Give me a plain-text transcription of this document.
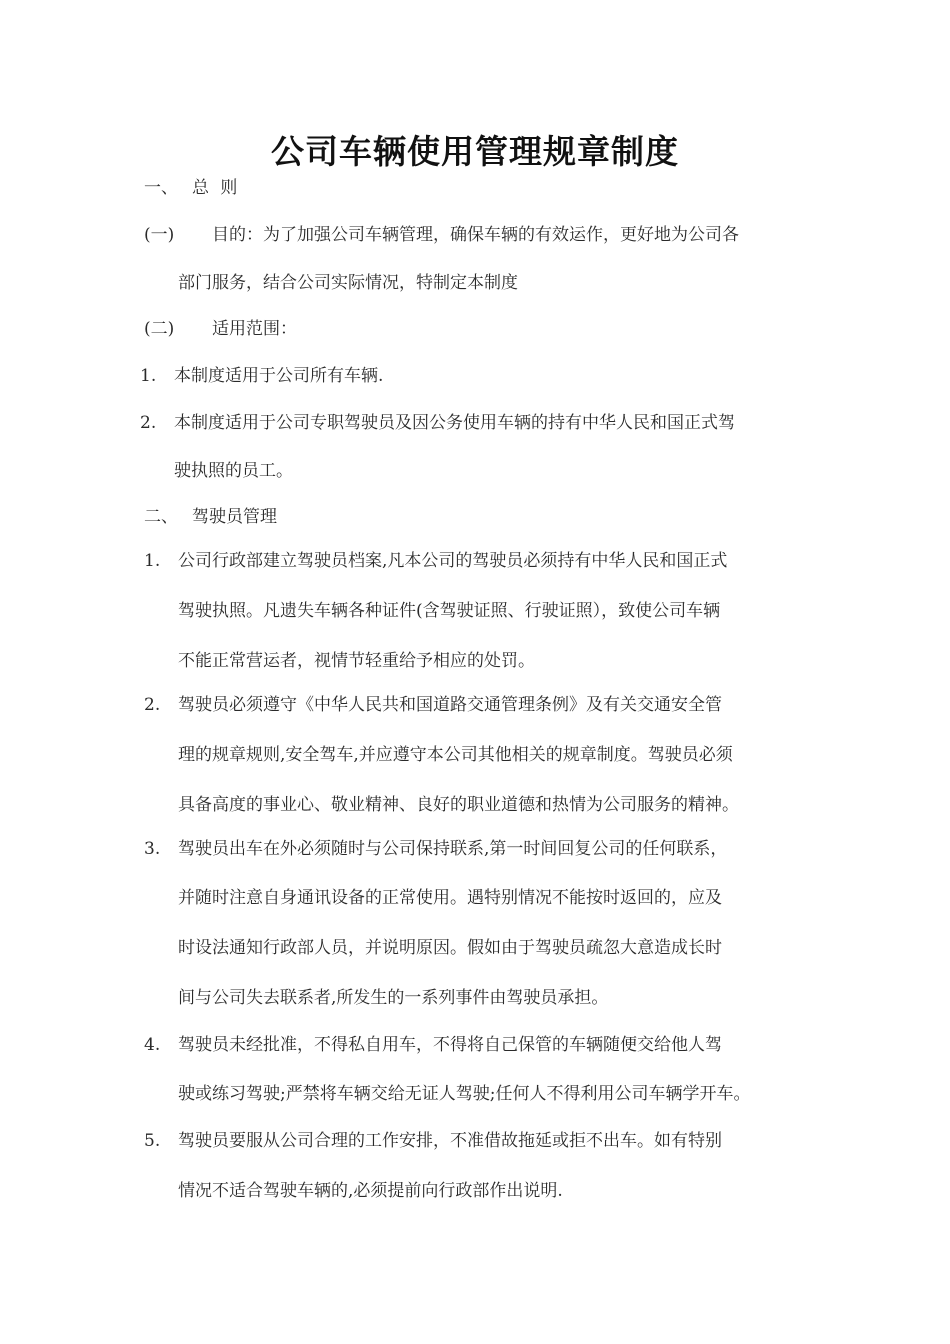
公司车辆使用管理规章制度
一、 总 则
(一) 目的：为了加强公司车辆管理，确保车辆的有效运作，更好地为公司各
部门服务，结合公司实际情况，特制定本制度
(二) 适用范围：
1. 本制度适用于公司所有车辆.
2. 本制度适用于公司专职驾驶员及因公务使用车辆的持有中华人民和国正式驾
驶执照的员工。
二、 驾驶员管理
1. 公司行政部建立驾驶员档案,凡本公司的驾驶员必须持有中华人民和国正式
驾驶执照。凡遗失车辆各种证件(含驾驶证照、行驶证照），致使公司车辆
不能正常营运者，视情节轻重给予相应的处罚。
2. 驾驶员必须遵守《中华人民共和国道路交通管理条例》及有关交通安全管
理的规章规则,安全驾车,并应遵守本公司其他相关的规章制度。驾驶员必须
具备高度的事业心、敬业精神、良好的职业道德和热情为公司服务的精神。
3. 驾驶员出车在外必须随时与公司保持联系,第一时间回复公司的任何联系，
并随时注意自身通讯设备的正常使用。遇特别情况不能按时返回的，应及
时设法通知行政部人员，并说明原因。假如由于驾驶员疏忽大意造成长时
间与公司失去联系者,所发生的一系列事件由驾驶员承担。
4. 驾驶员未经批准，不得私自用车，不得将自己保管的车辆随便交给他人驾
驶或练习驾驶;严禁将车辆交给无证人驾驶;任何人不得利用公司车辆学开车。
5. 驾驶员要服从公司合理的工作安排，不准借故拖延或拒不出车。如有特别
情况不适合驾驶车辆的,必须提前向行政部作出说明.
